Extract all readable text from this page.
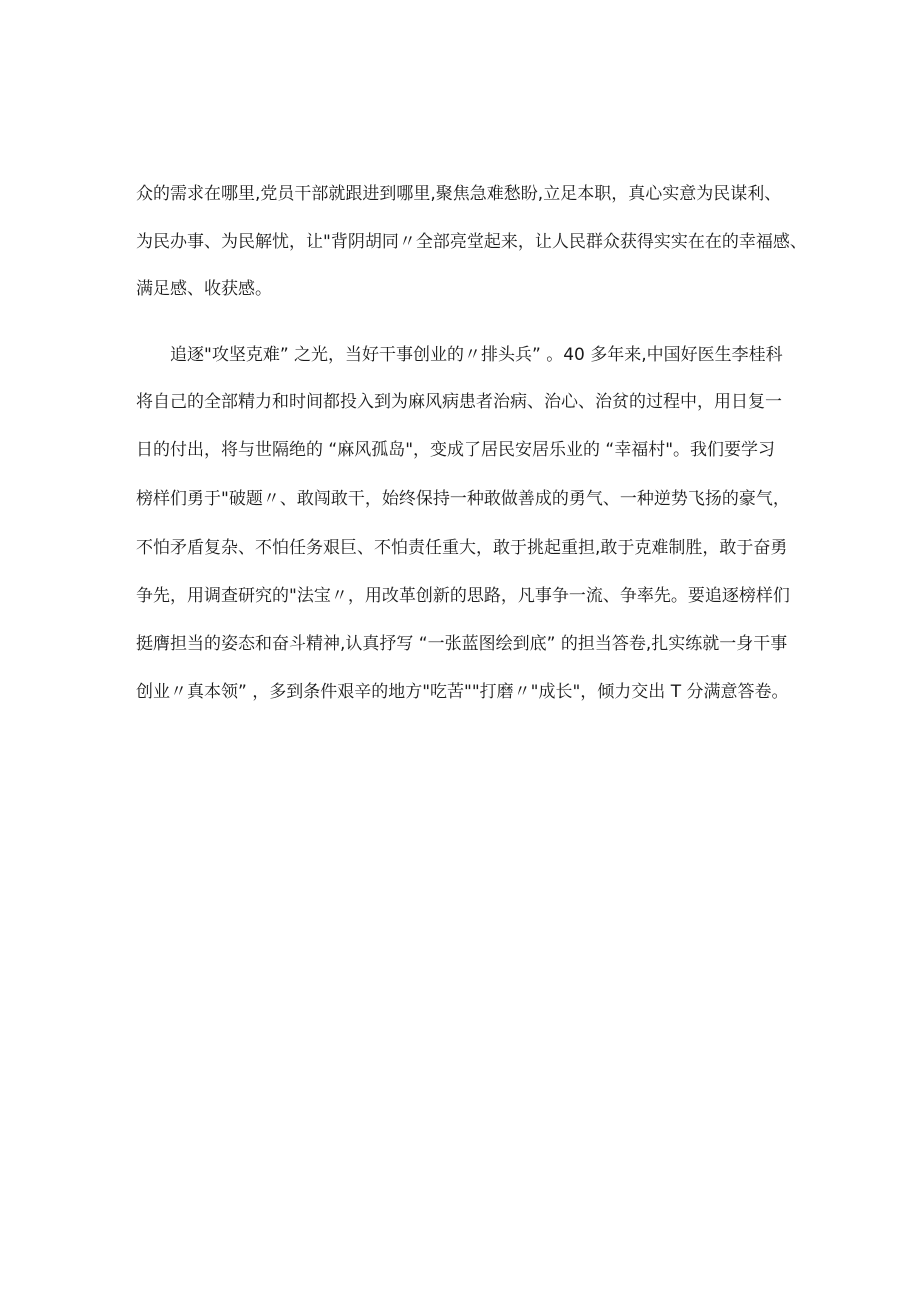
众的需求在哪里,党员干部就跟进到哪里,聚焦急难愁盼,立足本职，真心实意为民谋利、
为民办事、为民解忧，让"背阴胡同〃全部亮堂起来，让人民群众获得实实在在的幸福感、
满足感、收获感。
追逐"攻坚克难” 之光，当好干事创业的〃排头兵” 。40 多年来,中国好医生李桂科
将自己的全部精力和时间都投入到为麻风病患者治病、治心、治贫的过程中，用日复一
日的付出，将与世隔绝的 “麻风孤岛"，变成了居民安居乐业的 “幸福村"。我们要学习
榜样们勇于"破题〃、敢闯敢干，始终保持一种敢做善成的勇气、一种逆势飞扬的豪气，
不怕矛盾复杂、不怕任务艰巨、不怕责任重大，敢于挑起重担,敢于克难制胜，敢于奋勇
争先，用调查研究的"法宝〃，用改革创新的思路，凡事争一流、争率先。要追逐榜样们
挺膺担当的姿态和奋斗精神,认真抒写 “一张蓝图绘到底” 的担当答卷,扎实练就一身干事
创业〃真本领” ，多到条件艰辛的地方"吃苦""打磨〃"成长"，倾力交出 T 分满意答卷。
